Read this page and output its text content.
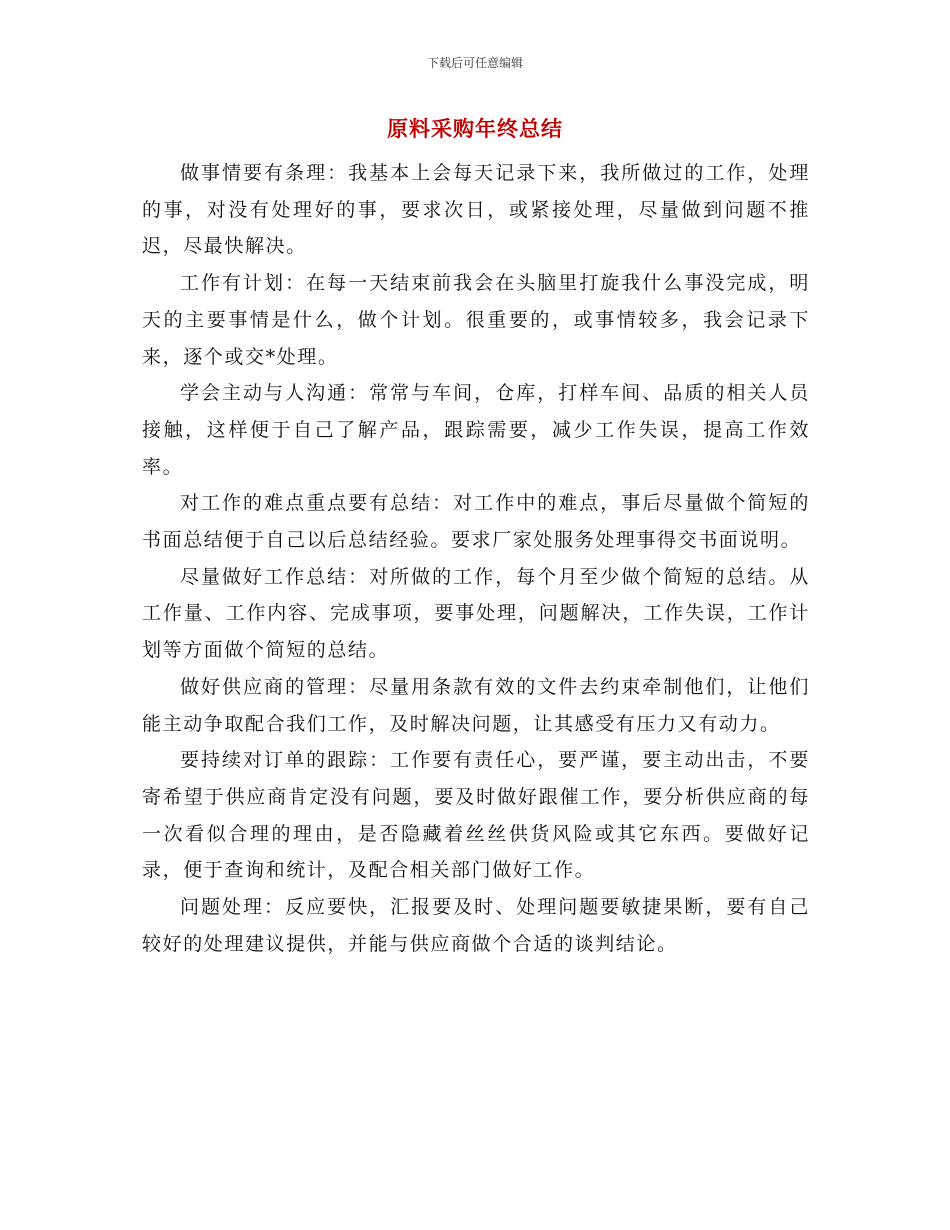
下载后可任意编辑
原料采购年终总结

做事情要有条理：我基本上会每天记录下来，我所做过的工作，处理的事，对没有处理好的事，要求次日，或紧接处理，尽量做到问题不推迟，尽最快解决。

工作有计划：在每一天结束前我会在头脑里打旋我什么事没完成，明天的主要事情是什么，做个计划。很重要的，或事情较多，我会记录下来，逐个或交*处理。

学会主动与人沟通：常常与车间，仓库，打样车间、品质的相关人员接触，这样便于自己了解产品，跟踪需要，减少工作失误，提高工作效率。

对工作的难点重点要有总结：对工作中的难点，事后尽量做个简短的书面总结便于自己以后总结经验。要求厂家处服务处理事得交书面说明。

尽量做好工作总结：对所做的工作，每个月至少做个简短的总结。从工作量、工作内容、完成事项，要事处理，问题解决，工作失误，工作计划等方面做个简短的总结。

做好供应商的管理：尽量用条款有效的文件去约束牵制他们，让他们能主动争取配合我们工作，及时解决问题，让其感受有压力又有动力。

要持续对订单的跟踪：工作要有责任心，要严谨，要主动出击，不要寄希望于供应商肯定没有问题，要及时做好跟催工作，要分析供应商的每一次看似合理的理由，是否隐藏着丝丝供货风险或其它东西。要做好记录，便于查询和统计，及配合相关部门做好工作。

问题处理：反应要快，汇报要及时、处理问题要敏捷果断，要有自己较好的处理建议提供，并能与供应商做个合适的谈判结论。
